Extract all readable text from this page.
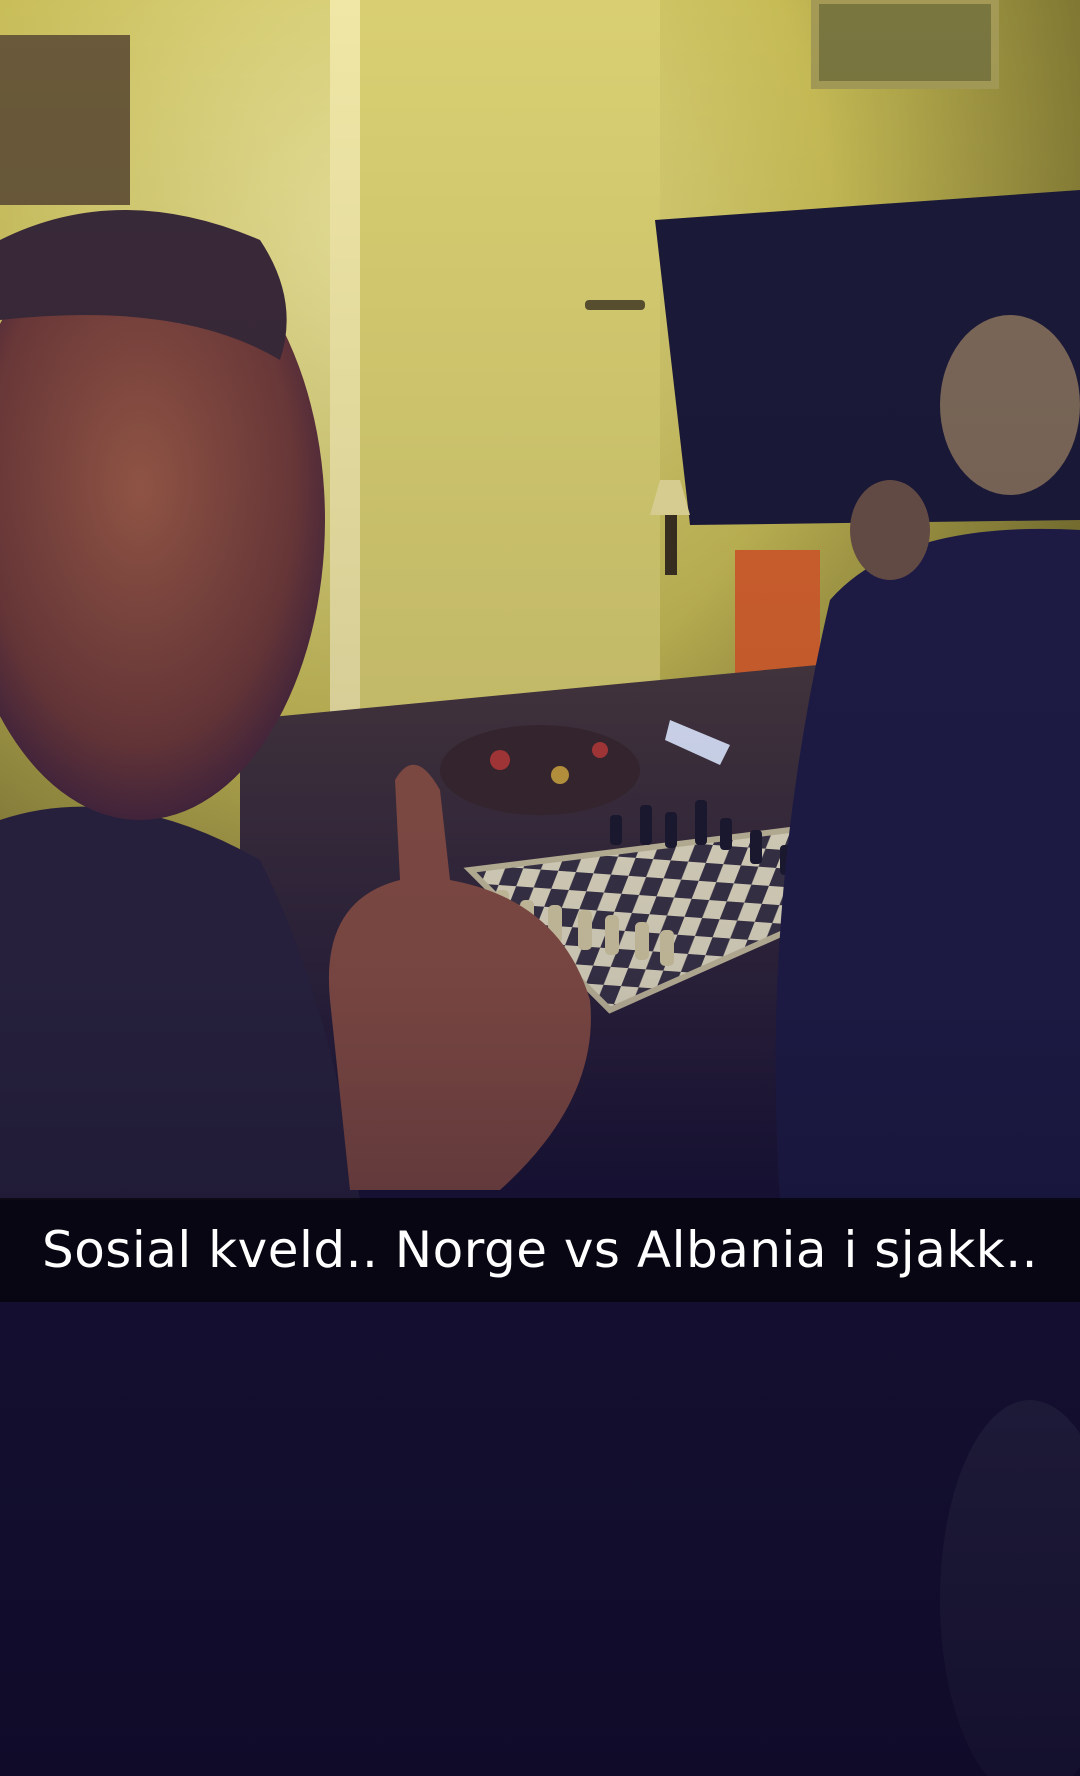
Sosial kveld.. Norge vs Albania i sjakk..
